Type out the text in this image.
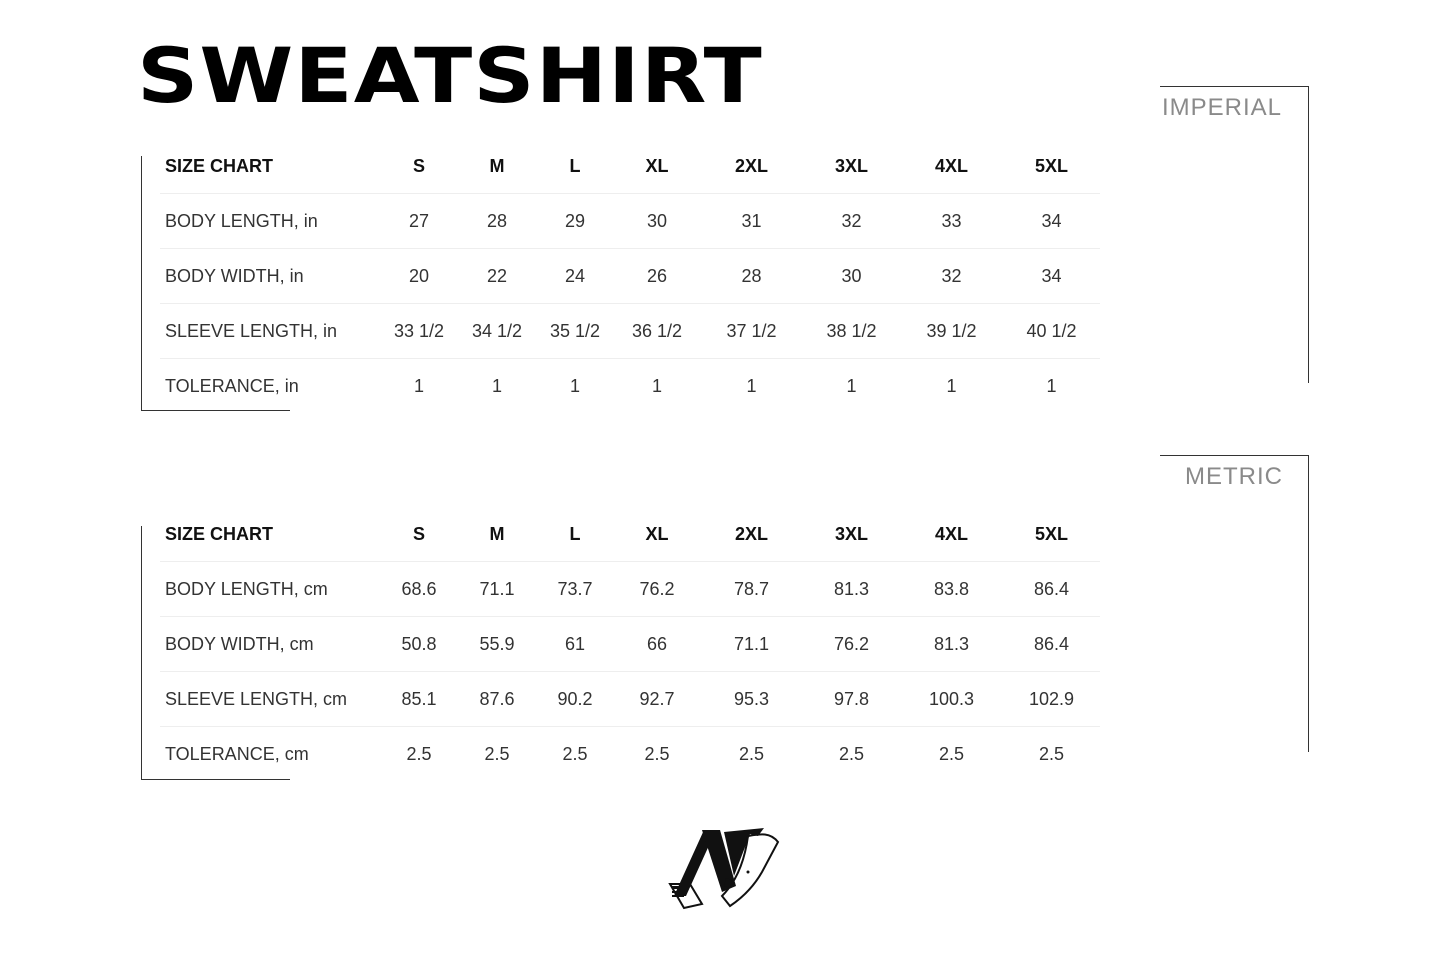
SWEATSHIRT	IMPERIAL
SIZE CHART	S	M	L	XL	2XL	3XL	4XL	5XL
BODY LENGTH, in	27	28	29	30	31	32	33	34
BODY WIDTH, in	20	22	24	26	28	30	32	34
SLEEVE LENGTH, in	33 1/2	34 1/2	35 1/2	36 1/2	37 1/2	38 1/2	39 1/2	40 1/2
TOLERANCE, in	1	1	1	1	1	1	1	1
METRIC
SIZE CHART	S	M	L	XL	2XL	3XL	4XL	5XL
BODY LENGTH, cm	68.6	71.1	73.7	76.2	78.7	81.3	83.8	86.4
BODY WIDTH, cm	50.8	55.9	61	66	71.1	76.2	81.3	86.4
SLEEVE LENGTH, cm	85.1	87.6	90.2	92.7	95.3	97.8	100.3	102.9
TOLERANCE, cm	2.5	2.5	2.5	2.5	2.5	2.5	2.5	2.5
